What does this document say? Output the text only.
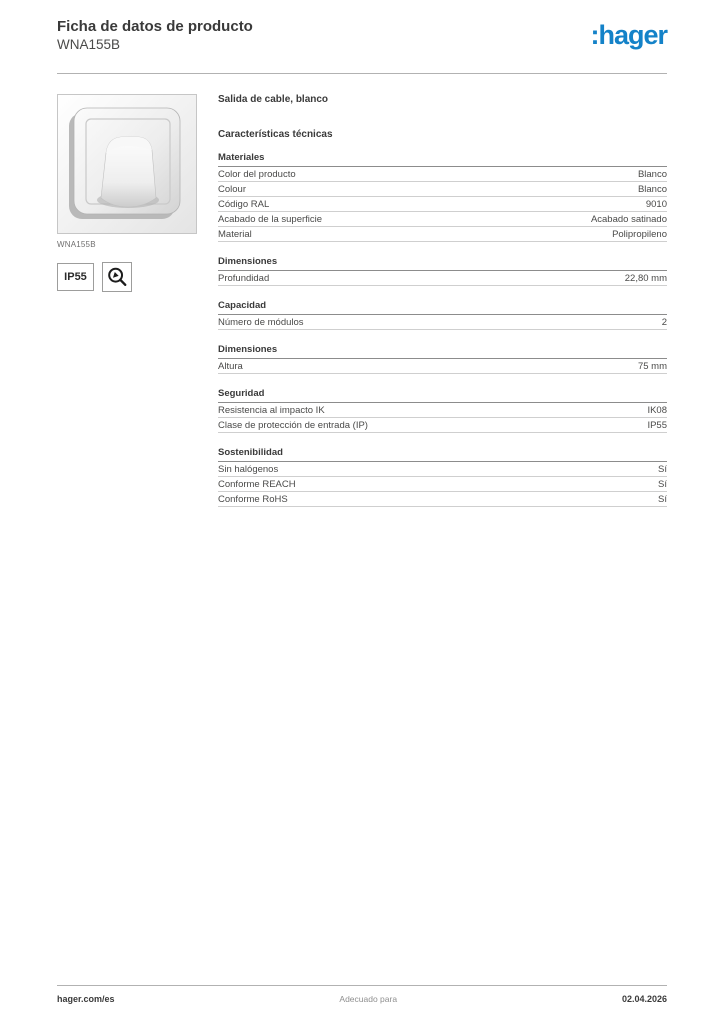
Ficha de datos de producto
WNA155B	:hager
WNA155B
IP55
Salida de cable, blanco
Características técnicas
Materiales
Color del producto	Blanco
Colour	Blanco
Código RAL	9010
Acabado de la superficie	Acabado satinado
Material	Polipropileno
Dimensiones
Profundidad	22,80 mm
Capacidad
Número de módulos	2
Dimensiones
Altura	75 mm
Seguridad
Resistencia al impacto IK	IK08
Clase de protección de entrada (IP)	IP55
Sostenibilidad
Sin halógenos	Sí
Conforme REACH	Sí
Conforme RoHS	Sí
hager.com/es	Adecuado para	02.04.2026
